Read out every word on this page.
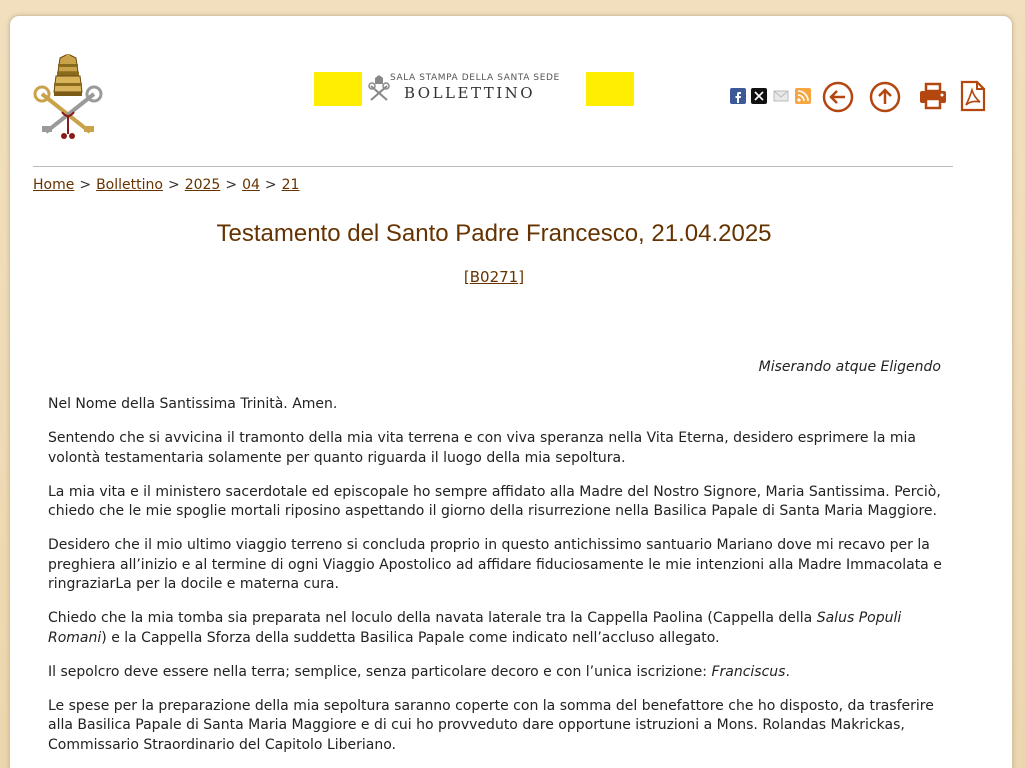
SALA STAMPA DELLA SANTA SEDE
BOLLETTINO
Home > Bollettino > 2025 > 04 > 21
Testamento del Santo Padre Francesco, 21.04.2025
[B0271]
Miserando atque Eligendo

Nel Nome della Santissima Trinità. Amen.

Sentendo che si avvicina il tramonto della mia vita terrena e con viva speranza nella Vita Eterna, desidero esprimere la mia volontà testamentaria solamente per quanto riguarda il luogo della mia sepoltura.

La mia vita e il ministero sacerdotale ed episcopale ho sempre affidato alla Madre del Nostro Signore, Maria Santissima. Perciò, chiedo che le mie spoglie mortali riposino aspettando il giorno della risurrezione nella Basilica Papale di Santa Maria Maggiore.

Desidero che il mio ultimo viaggio terreno si concluda proprio in questo antichissimo santuario Mariano dove mi recavo per la preghiera all’inizio e al termine di ogni Viaggio Apostolico ad affidare fiduciosamente le mie intenzioni alla Madre Immacolata e ringraziarLa per la docile e materna cura.

Chiedo che la mia tomba sia preparata nel loculo della navata laterale tra la Cappella Paolina (Cappella della Salus Populi Romani) e la Cappella Sforza della suddetta Basilica Papale come indicato nell’accluso allegato.

Il sepolcro deve essere nella terra; semplice, senza particolare decoro e con l’unica iscrizione: Franciscus.

Le spese per la preparazione della mia sepoltura saranno coperte con la somma del benefattore che ho disposto, da trasferire alla Basilica Papale di Santa Maria Maggiore e di cui ho provveduto dare opportune istruzioni a Mons. Rolandas Makrickas, Commissario Straordinario del Capitolo Liberiano.
